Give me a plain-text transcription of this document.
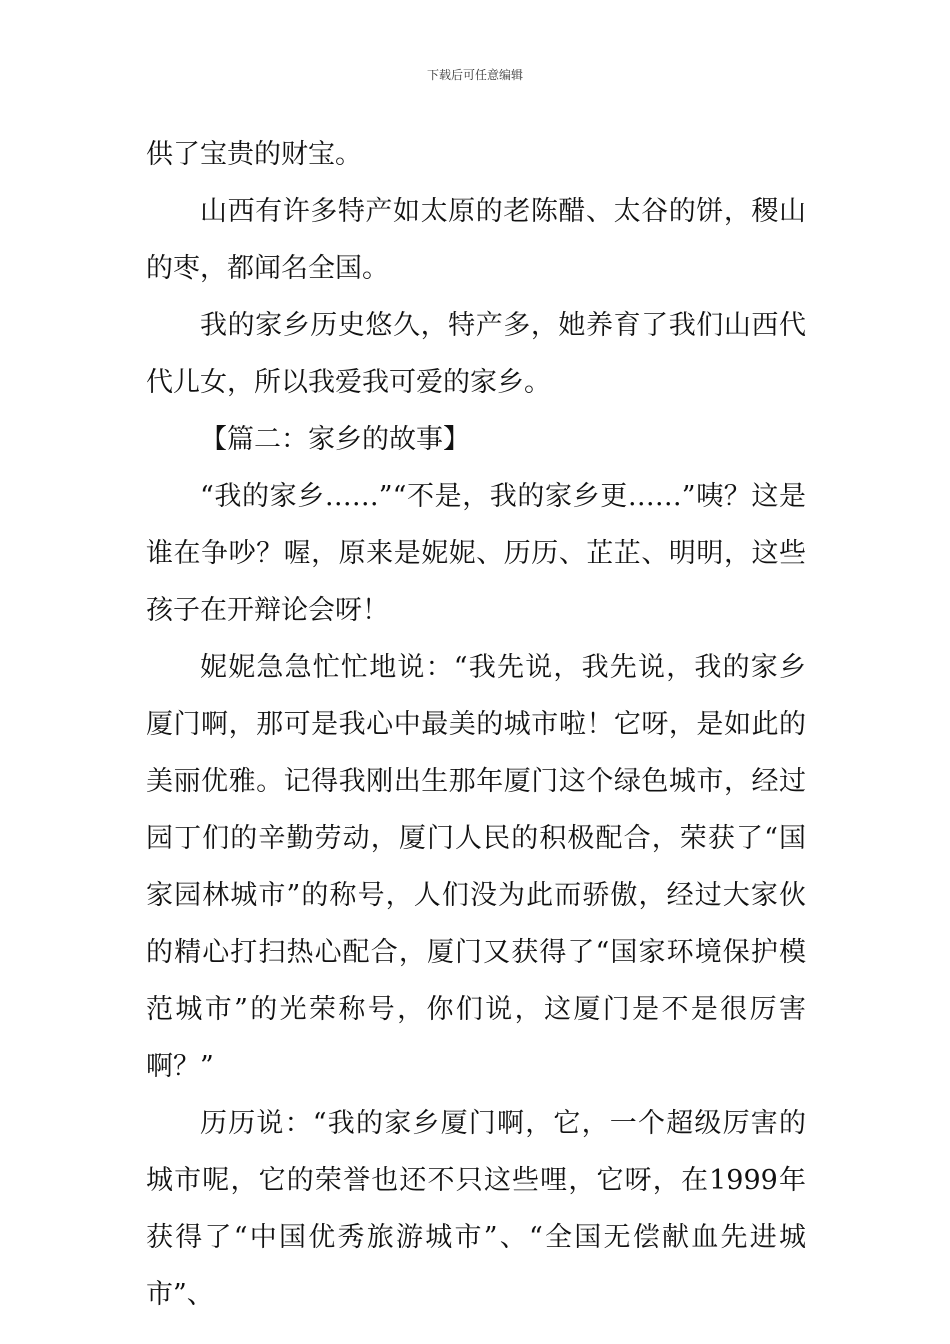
下载后可任意编辑

供了宝贵的财宝。

山西有许多特产如太原的老陈醋、太谷的饼，稷山的枣，都闻名全国。

我的家乡历史悠久，特产多，她养育了我们山西代代儿女，所以我爱我可爱的家乡。

【篇二：家乡的故事】

“我的家乡……”“不是，我的家乡更……”咦？这是谁在争吵？喔，原来是妮妮、历历、芷芷、明明，这些孩子在开辩论会呀！

妮妮急急忙忙地说：“我先说，我先说，我的家乡厦门啊，那可是我心中最美的城市啦！它呀，是如此的美丽优雅。记得我刚出生那年厦门这个绿色城市，经过园丁们的辛勤劳动，厦门人民的积极配合，荣获了“国家园林城市”的称号，人们没为此而骄傲，经过大家伙的精心打扫热心配合，厦门又获得了“国家环境保护模范城市”的光荣称号，你们说，这厦门是不是很厉害啊？”

历历说：“我的家乡厦门啊，它，一个超级厉害的城市呢，它的荣誉也还不只这些哩，它呀，在1999年获得了“中国优秀旅游城市”、“全国无偿献血先进城市”、
